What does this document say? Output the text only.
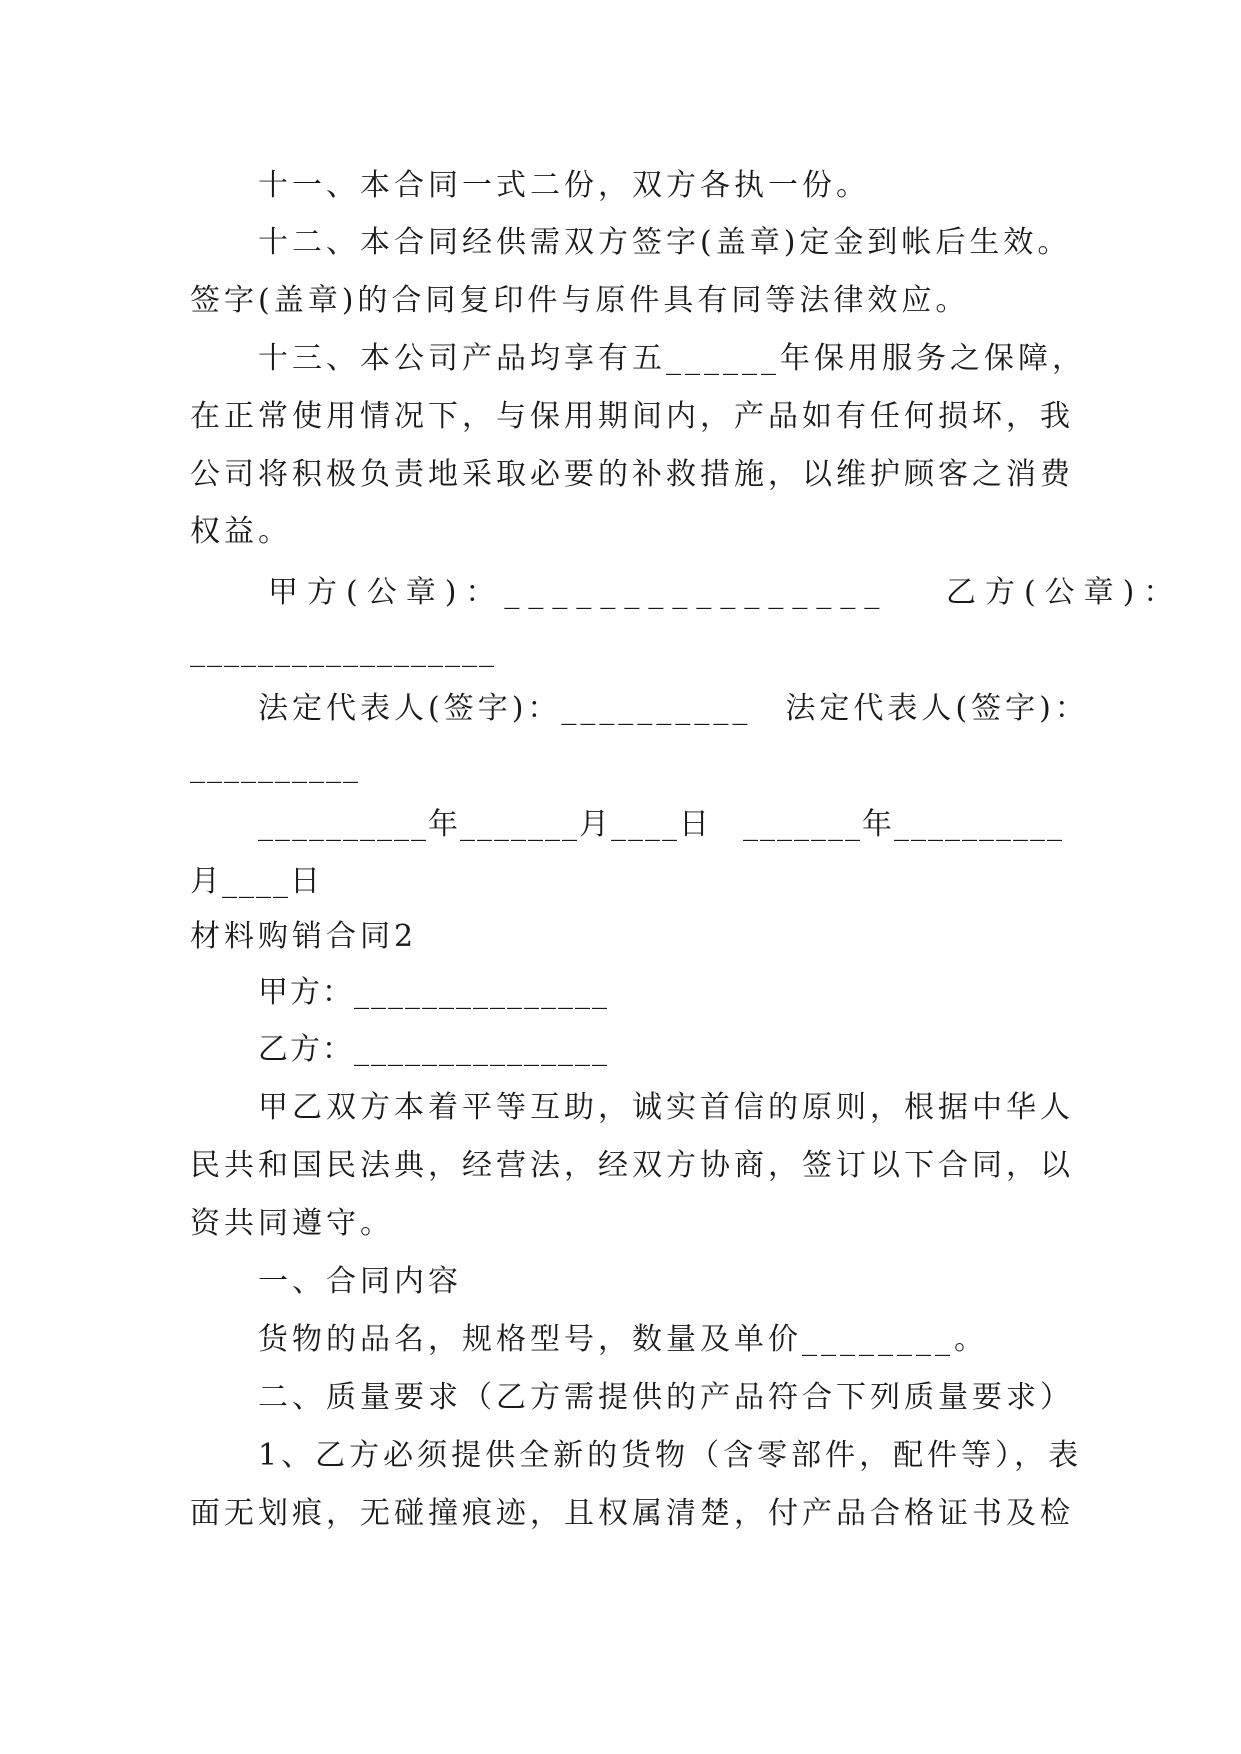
十一、本合同一式二份，双方各执一份。
十二、本合同经供需双方签字(盖章)定金到帐后生效。
签字(盖章)的合同复印件与原件具有同等法律效应。
十三、本公司产品均享有五______年保用服务之保障，
在正常使用情况下，与保用期间内，产品如有任何损坏，我
公司将积极负责地采取必要的补救措施，以维护顾客之消费
权益。
甲方(公章)：________________　 乙方(公章)：
__________________
法定代表人(签字)：__________　法定代表人(签字)：
__________
__________年_______月____日　_______年__________
月____日
材料购销合同2
甲方：_______________
乙方：_______________
甲乙双方本着平等互助，诚实首信的原则，根据中华人
民共和国民法典，经营法，经双方协商，签订以下合同，以
资共同遵守。
一、合同内容
货物的品名，规格型号，数量及单价________。
二、质量要求（乙方需提供的产品符合下列质量要求）
1、乙方必须提供全新的货物（含零部件，配件等），表
面无划痕，无碰撞痕迹，且权属清楚，付产品合格证书及检
